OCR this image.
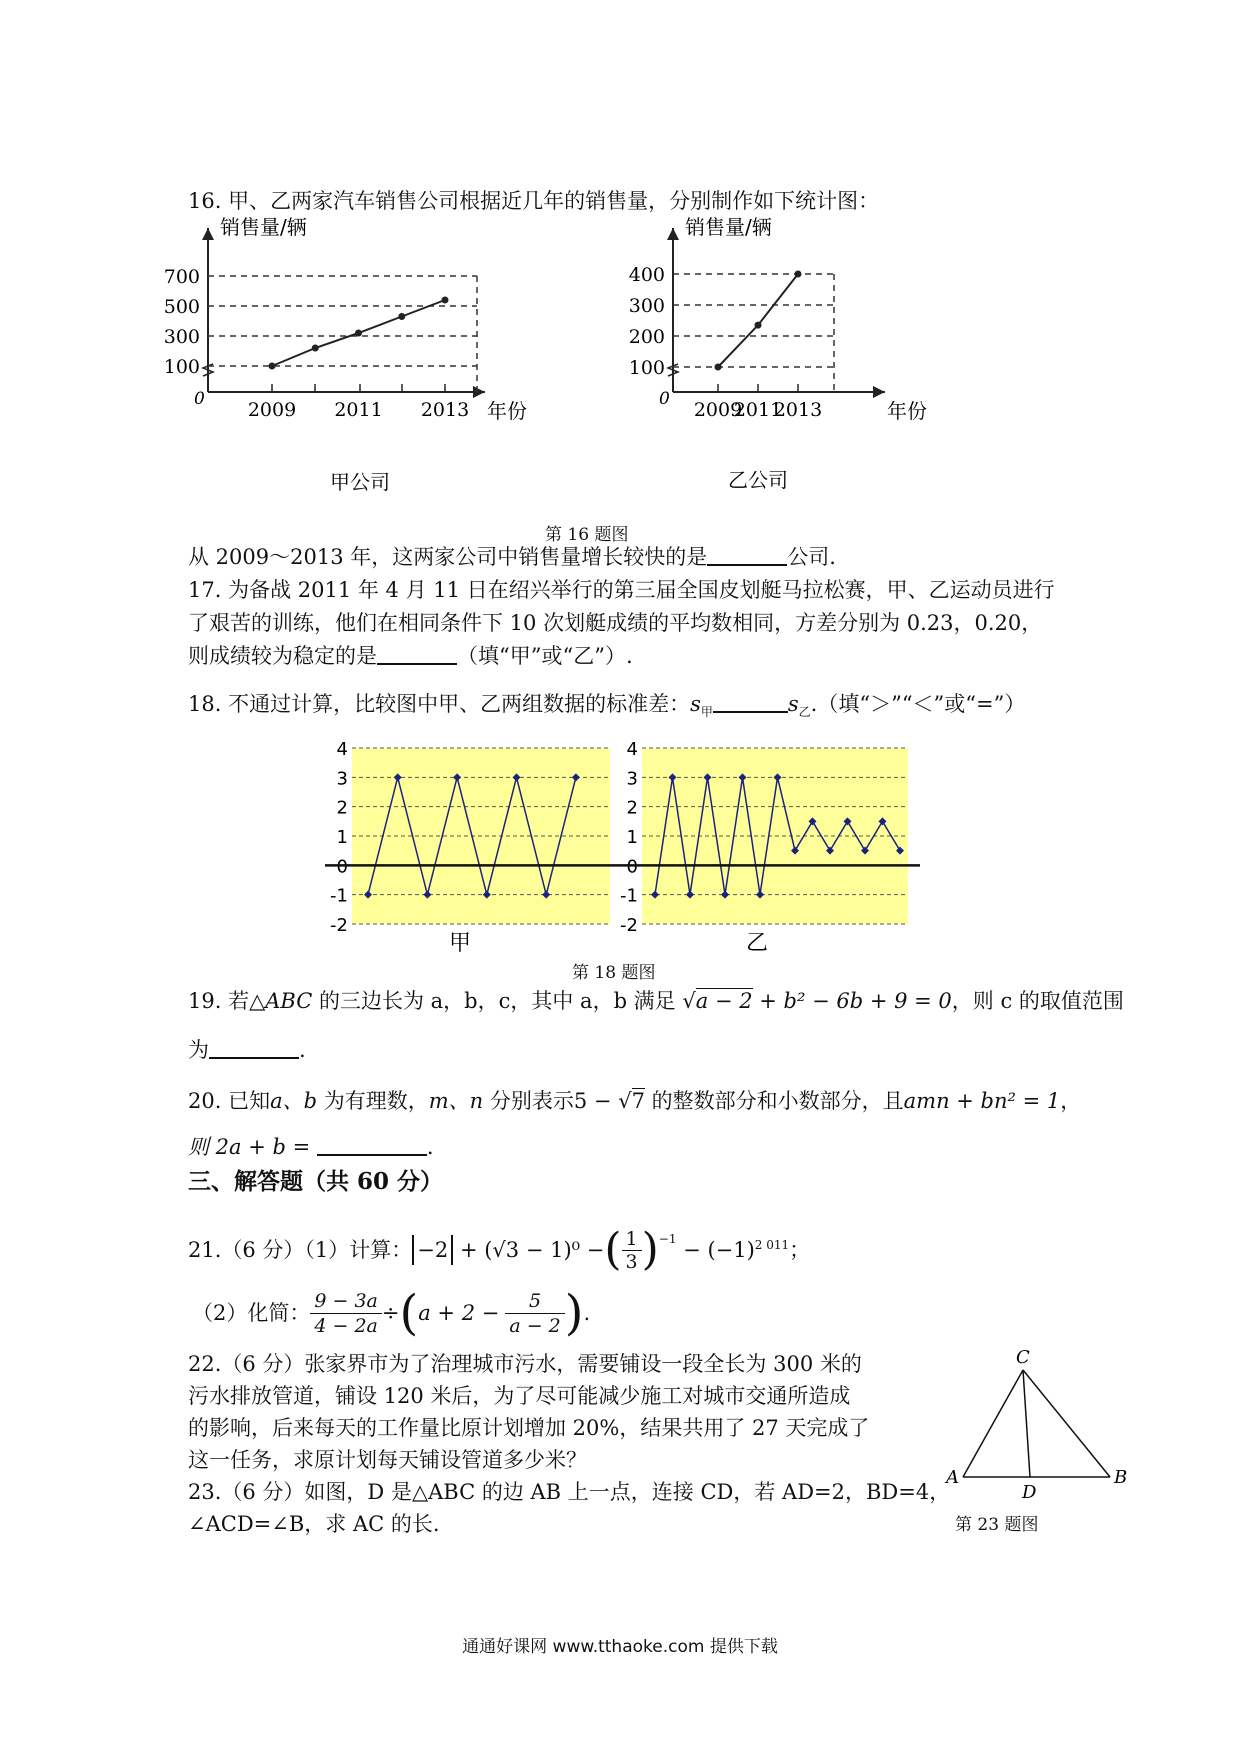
16. 甲、乙两家汽车销售公司根据近几年的销售量，分别制作如下统计图：
100
300
500
700
2009 2011 2013
0
销售量/辆
年份
甲公司
100
200
300
400
2009
2011
2013
0
销售量/辆
年份
乙公司
第 16 题图
从 2009～2013 年，这两家公司中销售量增长较快的是	公司.
17. 为备战 2011 年 4 月 11 日在绍兴举行的第三届全国皮划艇马拉松赛，甲、乙运动员进行
了艰苦的训练，他们在相同条件下 10 次划艇成绩的平均数相同，方差分别为 0.23，0.20，
则成绩较为稳定的是	（填“甲”或“乙”）.
18. 不通过计算，比较图中甲、乙两组数据的标准差：$s_甲$	$s_乙$.（填“＞”“＜”或“=”）
-2
-1
0
1
2
3
4
甲
-2
-1
0
1
2
3
4
乙
第 18 题图
19. 若△ABC 的三边长为 a，b，c，其中 a，b 满足 √a − 2 + b² − 6b + 9 = 0，则 c 的取值范围
为	.
20. 已知a、b 为有理数，m、n 分别表示5 − √7 的整数部分和小数部分，且amn + bn² = 1，
则 2a + b =	.
三、解答题（共 60 分）
21.（6 分）（1）计算： −2 + (√3 − 1)⁰ − ( $\frac{1}{3} )^{-1}$
− $(-1)^{2 011}$ ；
（2）化简： $\frac{9 - 3a}{4 - 2a}$ ÷ ( $a + 2 - \frac{5}{a - 2}$ ) .
22.（6 分）张家界市为了治理城市污水，需要铺设一段全长为 300 米的
污水排放管道，铺设 120 米后，为了尽可能减少施工对城市交通所造成
的影响，后来每天的工作量比原计划增加 20%，结果共用了 27 天完成了
这一任务，求原计划每天铺设管道多少米？
23.（6 分）如图，D 是△ABC 的边 AB 上一点，连接 CD，若 AD=2，BD=4，
∠ACD=∠B，求 AC 的长.
C
A	B
D
第 23 题图
通通好课网 www.tthaoke.com 提供下载
